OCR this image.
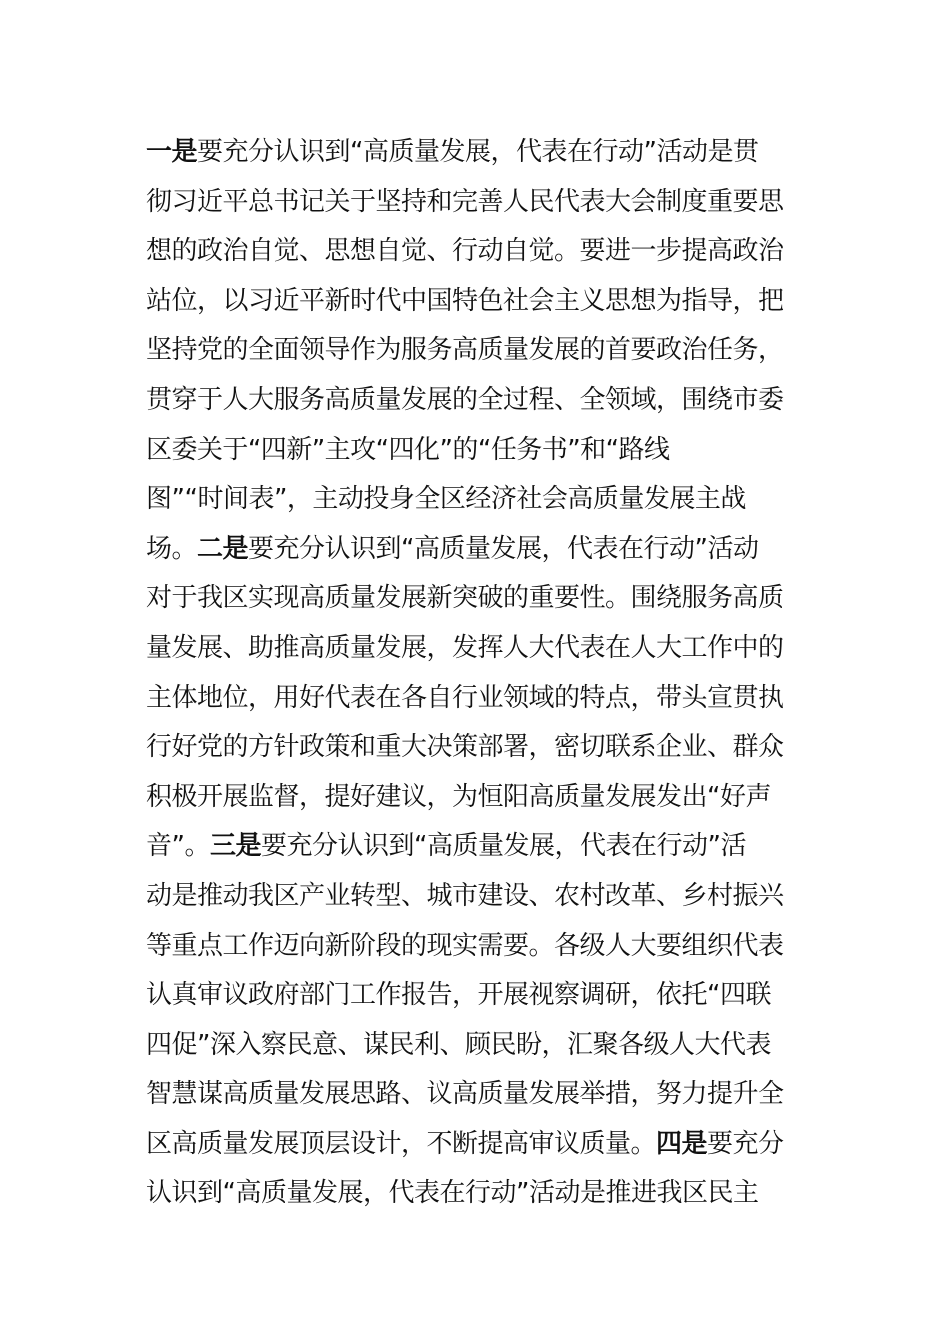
一是要充分认识到“高质量发展，代表在行动”活动是贯
彻习近平总书记关于坚持和完善人民代表大会制度重要思
想的政治自觉、思想自觉、行动自觉。要进一步提高政治
站位，以习近平新时代中国特色社会主义思想为指导，把
坚持党的全面领导作为服务高质量发展的首要政治任务，
贯穿于人大服务高质量发展的全过程、全领域，围绕市委
区委关于“四新”主攻“四化”的“任务书”和“路线
图”“时间表”，主动投身全区经济社会高质量发展主战
场。二是要充分认识到“高质量发展，代表在行动”活动
对于我区实现高质量发展新突破的重要性。围绕服务高质
量发展、助推高质量发展，发挥人大代表在人大工作中的
主体地位，用好代表在各自行业领域的特点，带头宣贯执
行好党的方针政策和重大决策部署，密切联系企业、群众
积极开展监督，提好建议，为恒阳高质量发展发出“好声
音”。三是要充分认识到“高质量发展，代表在行动”活
动是推动我区产业转型、城市建设、农村改革、乡村振兴
等重点工作迈向新阶段的现实需要。各级人大要组织代表
认真审议政府部门工作报告，开展视察调研，依托“四联
四促”深入察民意、谋民利、顾民盼，汇聚各级人大代表
智慧谋高质量发展思路、议高质量发展举措，努力提升全
区高质量发展顶层设计，不断提高审议质量。四是要充分
认识到“高质量发展，代表在行动”活动是推进我区民主
